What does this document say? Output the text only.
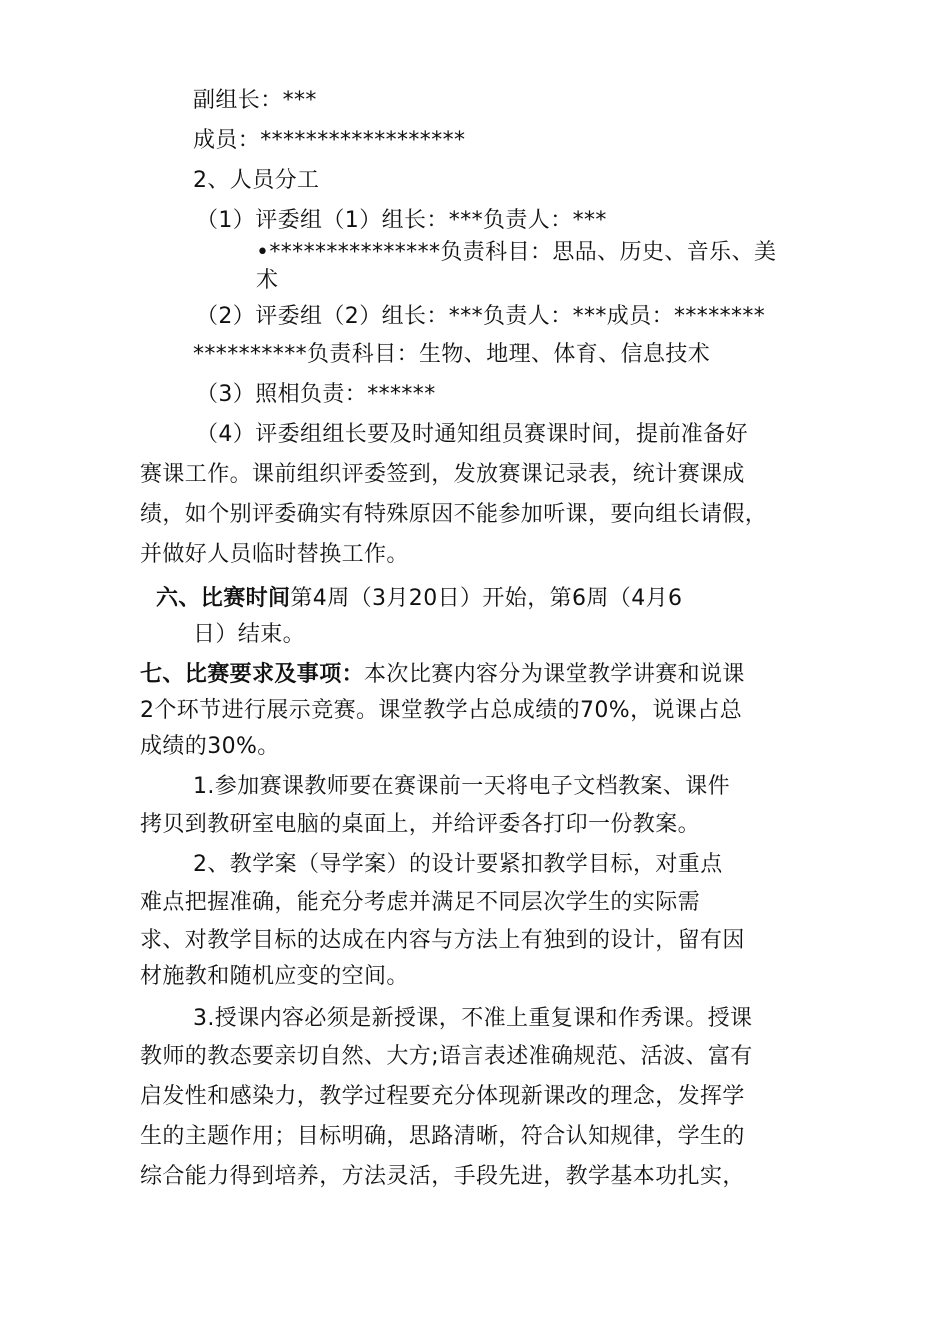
副组长：***
成员：******************
2、人员分工
（1）评委组（1）组长：***负责人：***
•***************负责科目：思品、历史、音乐、美
术
（2）评委组（2）组长：***负责人：***成员：********
**********负责科目：生物、地理、体育、信息技术
（3）照相负责：******
（4）评委组组长要及时通知组员赛课时间，提前准备好
赛课工作。课前组织评委签到，发放赛课记录表，统计赛课成
绩，如个别评委确实有特殊原因不能参加听课，要向组长请假，
并做好人员临时替换工作。
六、比赛时间第4周（3月20日）开始，第6周（4月6
日）结束。
七、比赛要求及事项：本次比赛内容分为课堂教学讲赛和说课
2个环节进行展示竞赛。课堂教学占总成绩的70%，说课占总
成绩的30%。
1.参加赛课教师要在赛课前一天将电子文档教案、课件
拷贝到教研室电脑的桌面上，并给评委各打印一份教案。
2、教学案（导学案）的设计要紧扣教学目标，对重点
难点把握准确，能充分考虑并满足不同层次学生的实际需
求、对教学目标的达成在内容与方法上有独到的设计，留有因
材施教和随机应变的空间。
3.授课内容必须是新授课，不准上重复课和作秀课。授课
教师的教态要亲切自然、大方;语言表述准确规范、活波、富有
启发性和感染力，教学过程要充分体现新课改的理念，发挥学
生的主题作用；目标明确，思路清晰，符合认知规律，学生的
综合能力得到培养，方法灵活，手段先进，教学基本功扎实，
